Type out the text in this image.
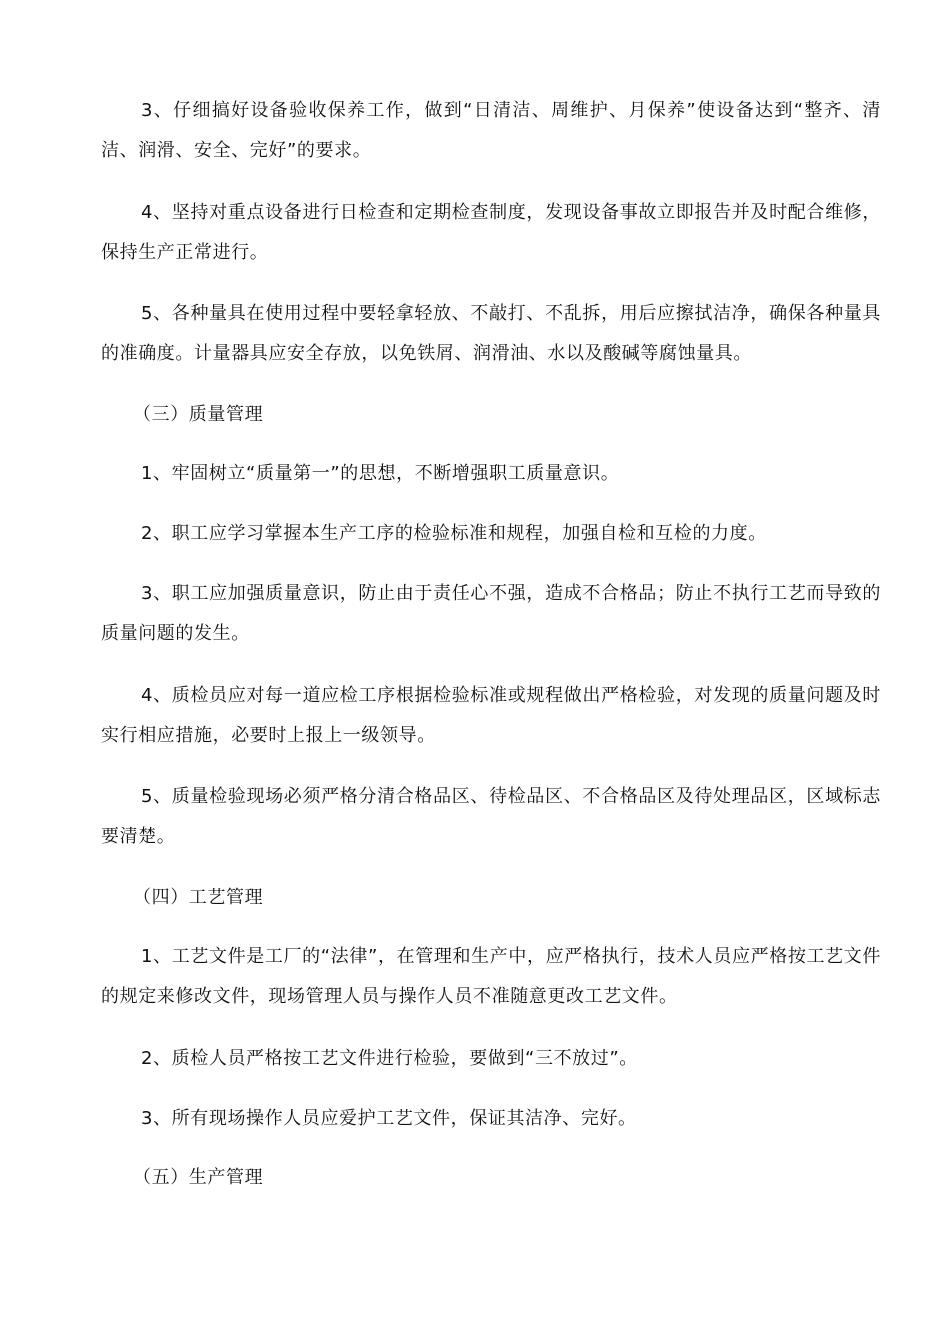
3、仔细搞好设备验收保养工作，做到“日清洁、周维护、月保养”使设备达到“整齐、清洁、润滑、安全、完好”的要求。

4、坚持对重点设备进行日检查和定期检查制度，发现设备事故立即报告并及时配合维修，保持生产正常进行。

5、各种量具在使用过程中要轻拿轻放、不敲打、不乱拆，用后应擦拭洁净，确保各种量具的准确度。计量器具应安全存放，以免铁屑、润滑油、水以及酸碱等腐蚀量具。

（三）质量管理

1、牢固树立“质量第一”的思想，不断增强职工质量意识。

2、职工应学习掌握本生产工序的检验标准和规程，加强自检和互检的力度。

3、职工应加强质量意识，防止由于责任心不强，造成不合格品；防止不执行工艺而导致的质量问题的发生。

4、质检员应对每一道应检工序根据检验标准或规程做出严格检验，对发现的质量问题及时实行相应措施，必要时上报上一级领导。

5、质量检验现场必须严格分清合格品区、待检品区、不合格品区及待处理品区，区域标志要清楚。

（四）工艺管理

1、工艺文件是工厂的“法律”，在管理和生产中，应严格执行，技术人员应严格按工艺文件的规定来修改文件，现场管理人员与操作人员不准随意更改工艺文件。

2、质检人员严格按工艺文件进行检验，要做到“三不放过”。

3、所有现场操作人员应爱护工艺文件，保证其洁净、完好。

（五）生产管理
